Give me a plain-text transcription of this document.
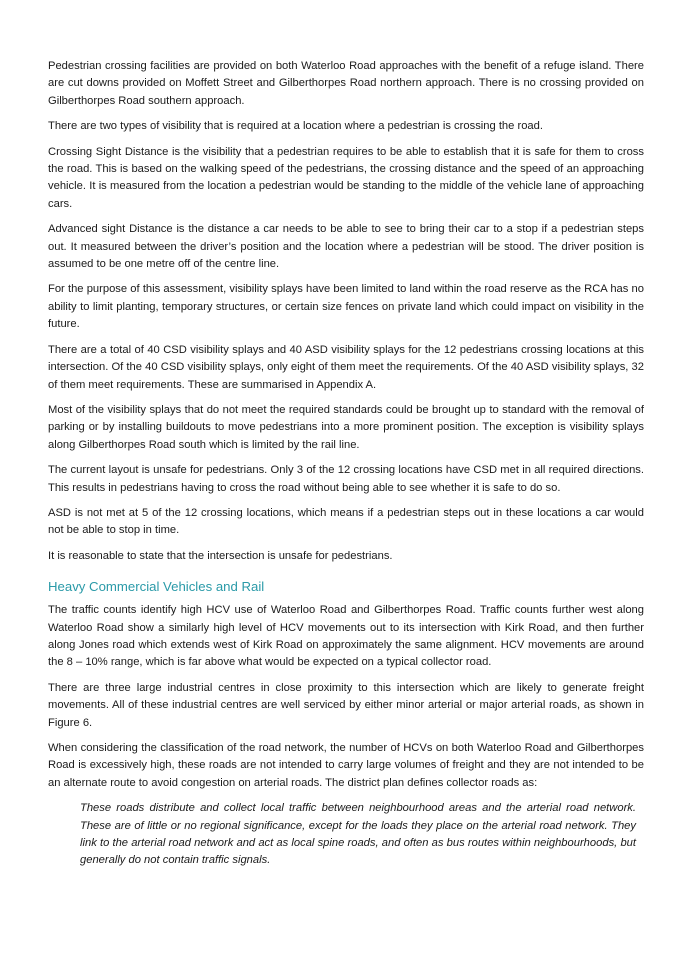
Pedestrian crossing facilities are provided on both Waterloo Road approaches with the benefit of a refuge island. There are cut downs provided on Moffett Street and Gilberthorpes Road northern approach. There is no crossing provided on Gilberthorpes Road southern approach.

There are two types of visibility that is required at a location where a pedestrian is crossing the road.

Crossing Sight Distance is the visibility that a pedestrian requires to be able to establish that it is safe for them to cross the road. This is based on the walking speed of the pedestrians, the crossing distance and the speed of an approaching vehicle. It is measured from the location a pedestrian would be standing to the middle of the vehicle lane of approaching cars.

Advanced sight Distance is the distance a car needs to be able to see to bring their car to a stop if a pedestrian steps out. It measured between the driver’s position and the location where a pedestrian will be stood. The driver position is assumed to be one metre off of the centre line.

For the purpose of this assessment, visibility splays have been limited to land within the road reserve as the RCA has no ability to limit planting, temporary structures, or certain size fences on private land which could impact on visibility in the future.

There are a total of 40 CSD visibility splays and 40 ASD visibility splays for the 12 pedestrians crossing locations at this intersection. Of the 40 CSD visibility splays, only eight of them meet the requirements. Of the 40 ASD visibility splays, 32 of them meet requirements. These are summarised in Appendix A.

Most of the visibility splays that do not meet the required standards could be brought up to standard with the removal of parking or by installing buildouts to move pedestrians into a more prominent position. The exception is visibility splays along Gilberthorpes Road south which is limited by the rail line.

The current layout is unsafe for pedestrians. Only 3 of the 12 crossing locations have CSD met in all required directions. This results in pedestrians having to cross the road without being able to see whether it is safe to do so.

ASD is not met at 5 of the 12 crossing locations, which means if a pedestrian steps out in these locations a car would not be able to stop in time.

It is reasonable to state that the intersection is unsafe for pedestrians.

Heavy Commercial Vehicles and Rail

The traffic counts identify high HCV use of Waterloo Road and Gilberthorpes Road. Traffic counts further west along Waterloo Road show a similarly high level of HCV movements out to its intersection with Kirk Road, and then further along Jones road which extends west of Kirk Road on approximately the same alignment. HCV movements are around the 8 – 10% range, which is far above what would be expected on a typical collector road.

There are three large industrial centres in close proximity to this intersection which are likely to generate freight movements. All of these industrial centres are well serviced by either minor arterial or major arterial roads, as shown in Figure 6.

When considering the classification of the road network, the number of HCVs on both Waterloo Road and Gilberthorpes Road is excessively high, these roads are not intended to carry large volumes of freight and they are not intended to be an alternate route to avoid congestion on arterial roads. The district plan defines collector roads as:

These roads distribute and collect local traffic between neighbourhood areas and the arterial road network. These are of little or no regional significance, except for the loads they place on the arterial road network. They link to the arterial road network and act as local spine roads, and often as bus routes within neighbourhoods, but generally do not contain traffic signals.
